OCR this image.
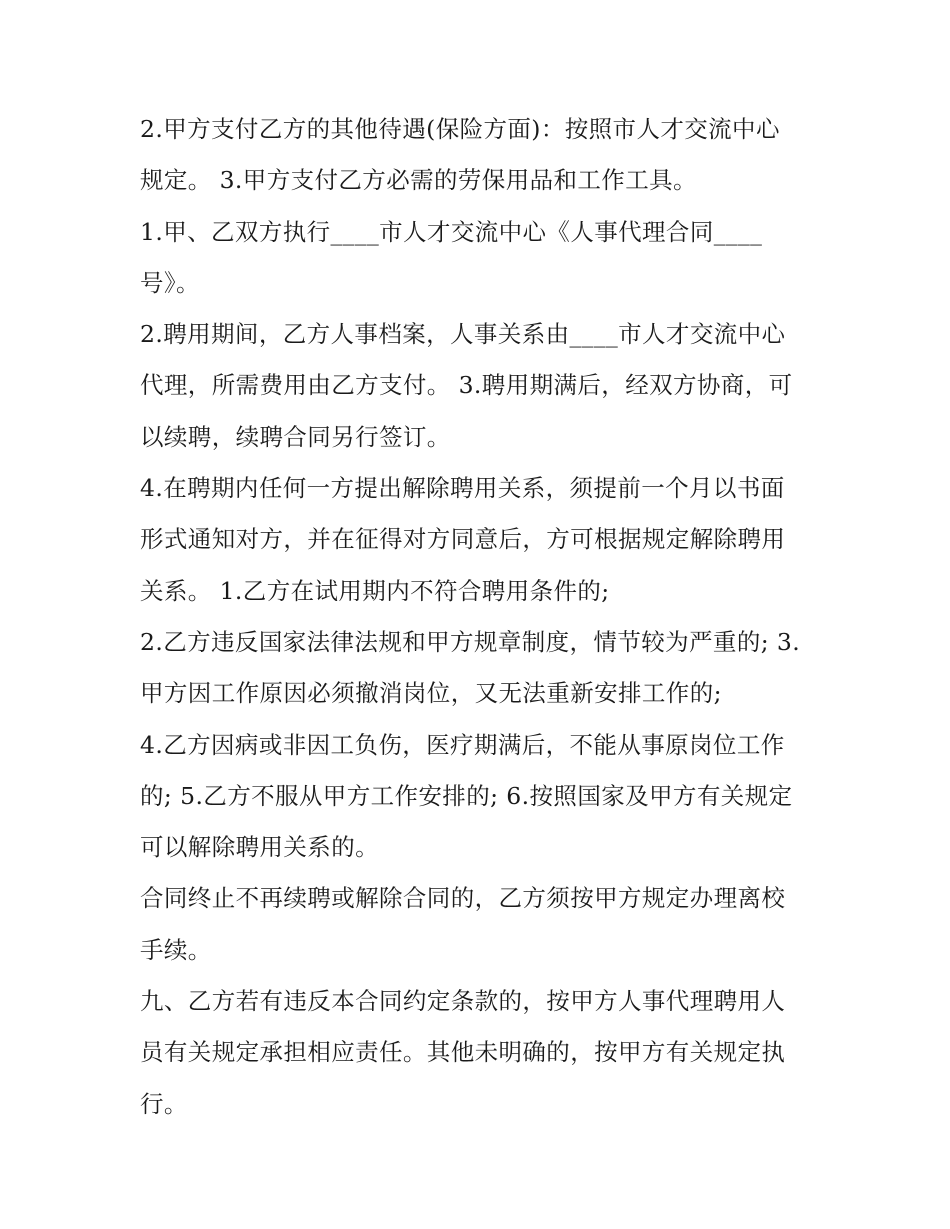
2.甲方支付乙方的其他待遇(保险方面)：按照市人才交流中心
规定。 3.甲方支付乙方必需的劳保用品和工作工具。

1.甲、乙双方执行____市人才交流中心《人事代理合同____
号》。

2.聘用期间，乙方人事档案，人事关系由____市人才交流中心
代理，所需费用由乙方支付。 3.聘用期满后，经双方协商，可
以续聘，续聘合同另行签订。

4.在聘期内任何一方提出解除聘用关系，须提前一个月以书面
形式通知对方，并在征得对方同意后，方可根据规定解除聘用
关系。 1.乙方在试用期内不符合聘用条件的;

2.乙方违反国家法律法规和甲方规章制度，情节较为严重的; 3.
甲方因工作原因必须撤消岗位，又无法重新安排工作的;

4.乙方因病或非因工负伤，医疗期满后，不能从事原岗位工作
的; 5.乙方不服从甲方工作安排的; 6.按照国家及甲方有关规定
可以解除聘用关系的。

合同终止不再续聘或解除合同的，乙方须按甲方规定办理离校
手续。

九、乙方若有违反本合同约定条款的，按甲方人事代理聘用人
员有关规定承担相应责任。其他未明确的，按甲方有关规定执
行。
